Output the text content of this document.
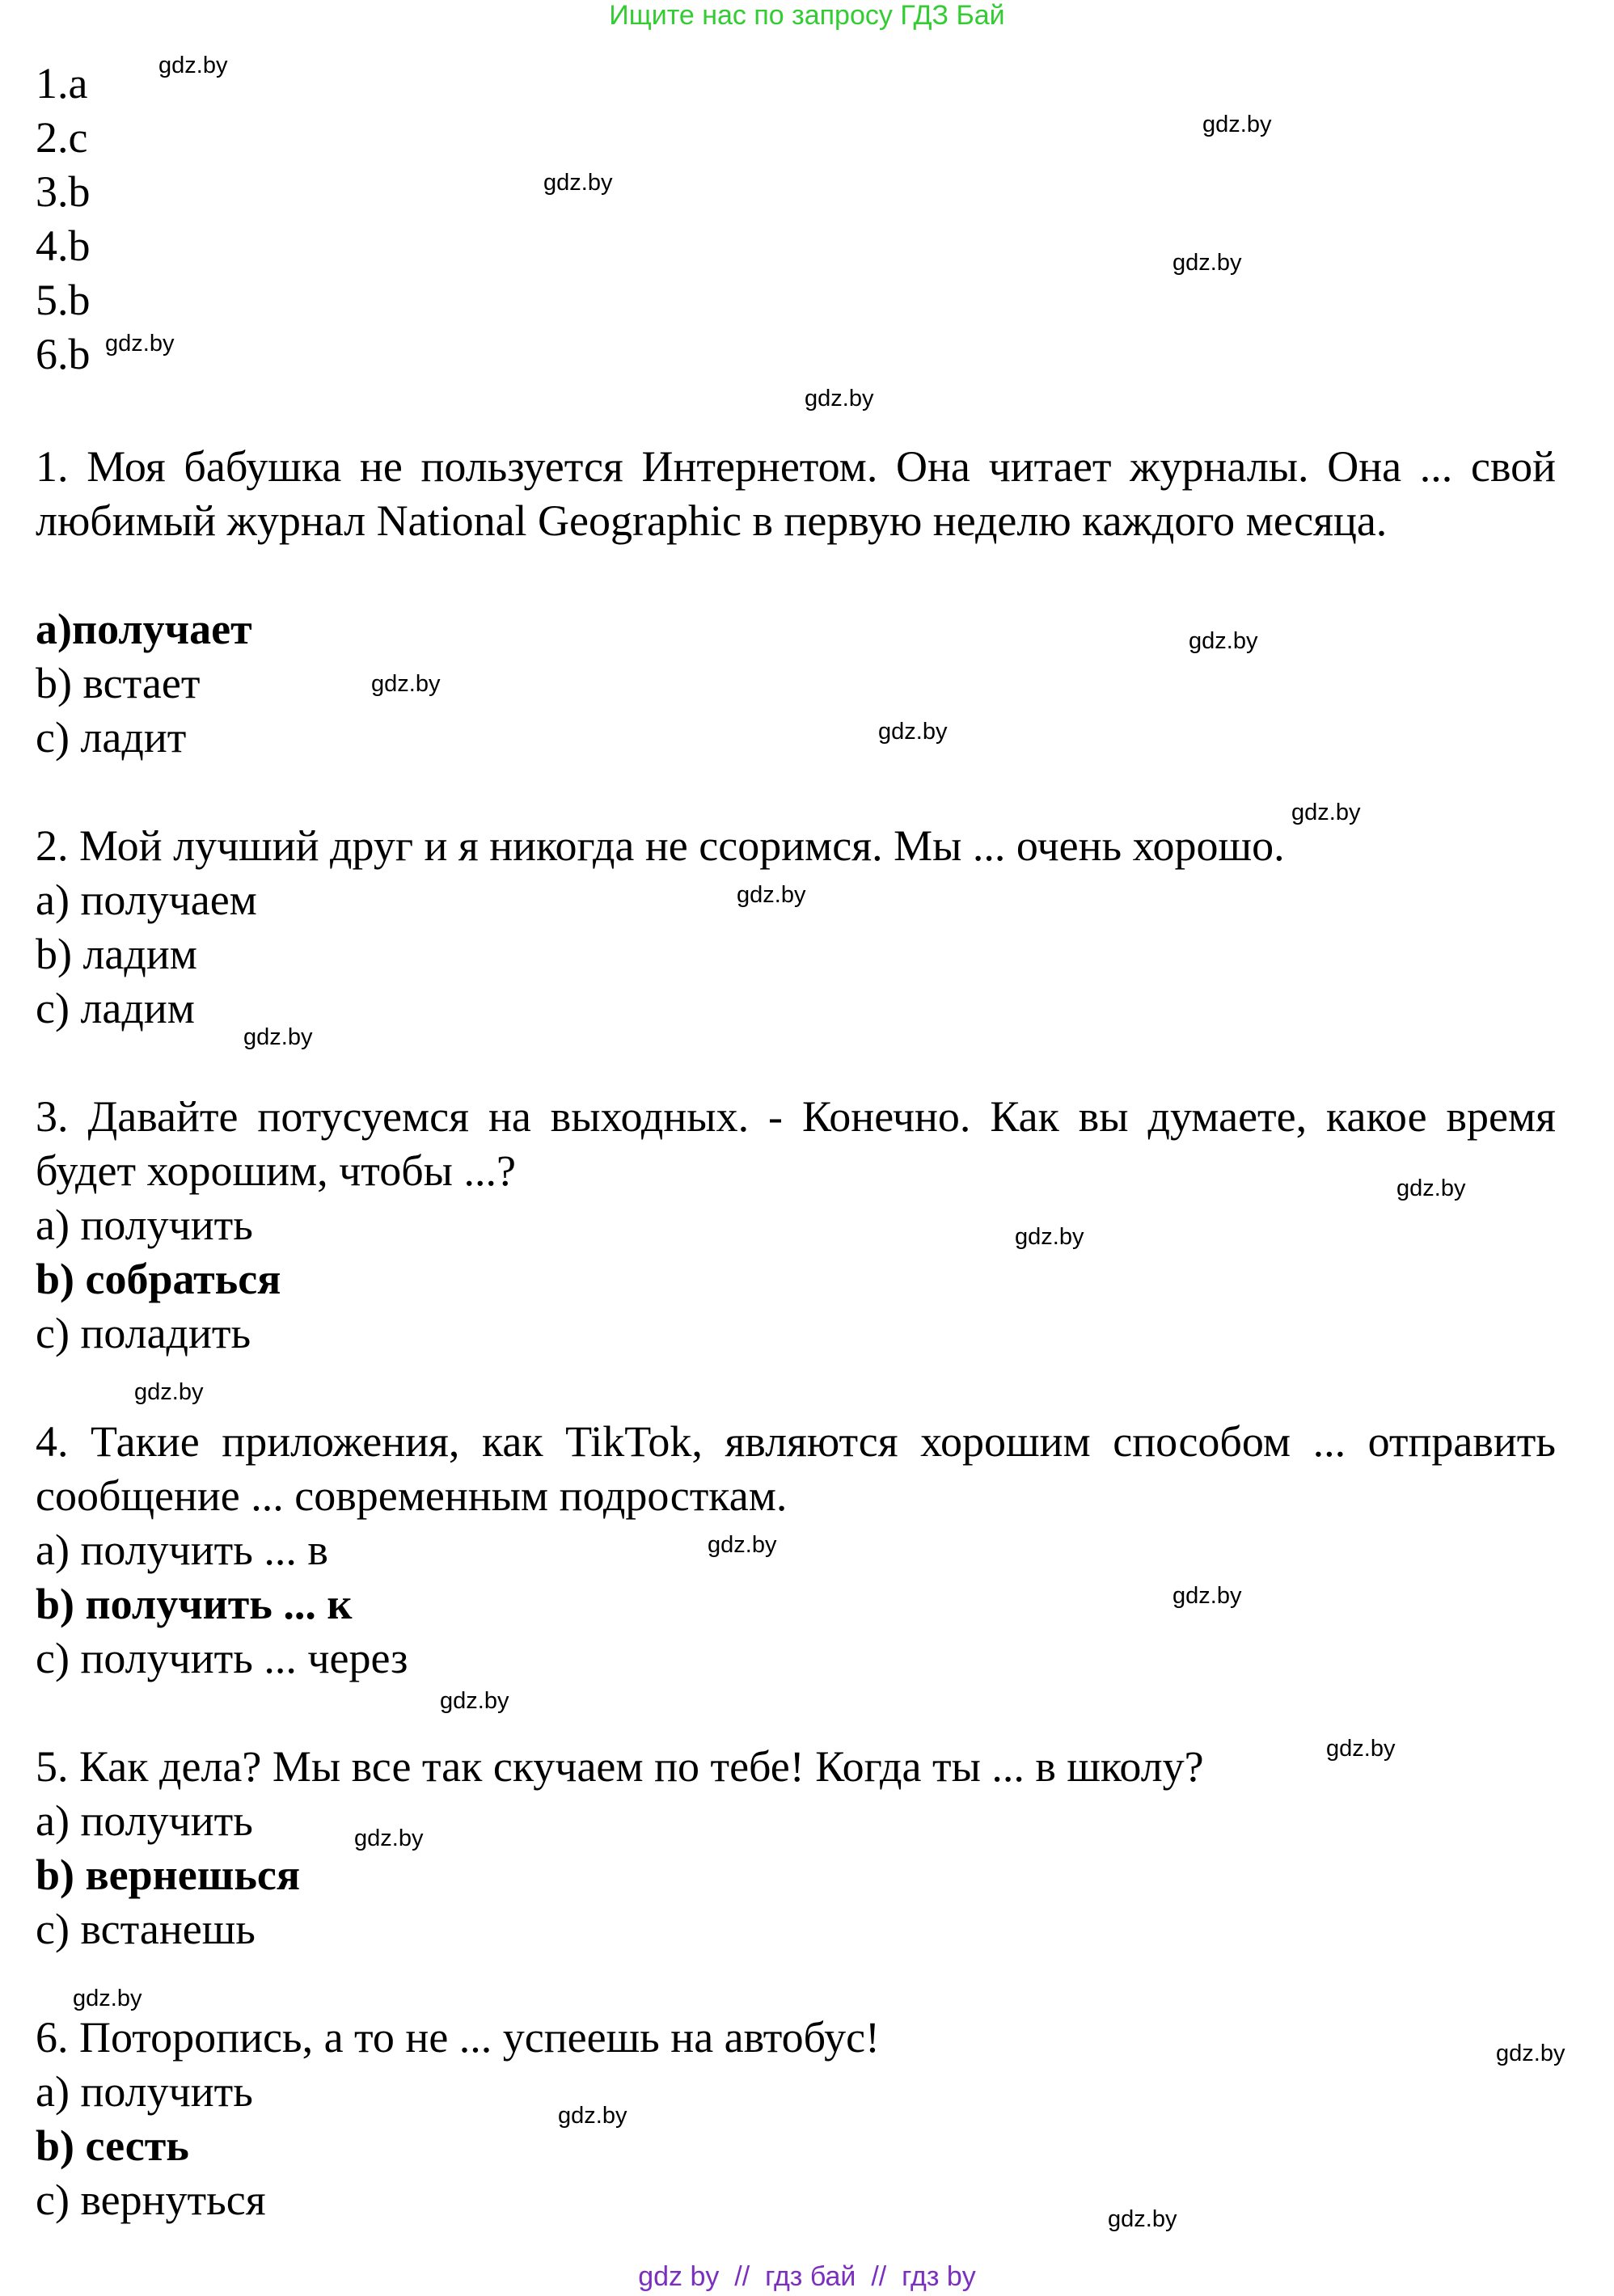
Ищите нас по запросу ГДЗ Бай

1.a

2.c

3.b

4.b

5.b

6.b

1. Моя бабушка не пользуется Интернетом. Она читает журналы. Она ... свой любимый журнал National Geographic в первую неделю каждого месяца.

a)получает

b) встает

c) ладит

2. Мой лучший друг и я никогда не ссоримся. Мы ... очень хорошо.

a) получаем

b) ладим

c) ладим

3. Давайте потусуемся на выходных. - Конечно. Как вы думаете, какое время будет хорошим, чтобы ...?

a) получить

b) собраться

c) поладить

4. Такие приложения, как TikTok, являются хорошим способом ... отправить сообщение ... современным подросткам.

a) получить ... в

b) получить ... к

c) получить ... через

5. Как дела? Мы все так скучаем по тебе! Когда ты ... в школу?

a) получить

b) вернешься

c) встанешь

6. Поторопись, а то не ... успеешь на автобус!

a) получить

b) сесть

c) вернуться

gdz.by
gdz.by
gdz.by
gdz.by
gdz.by
gdz.by
gdz.by
gdz.by
gdz.by
gdz.by
gdz.by
gdz.by
gdz.by
gdz.by
gdz.by
gdz.by
gdz.by
gdz.by
gdz.by
gdz.by
gdz.by
gdz.by
gdz.by
gdz.by
gdz by  //  гдз бай  //  гдз by
